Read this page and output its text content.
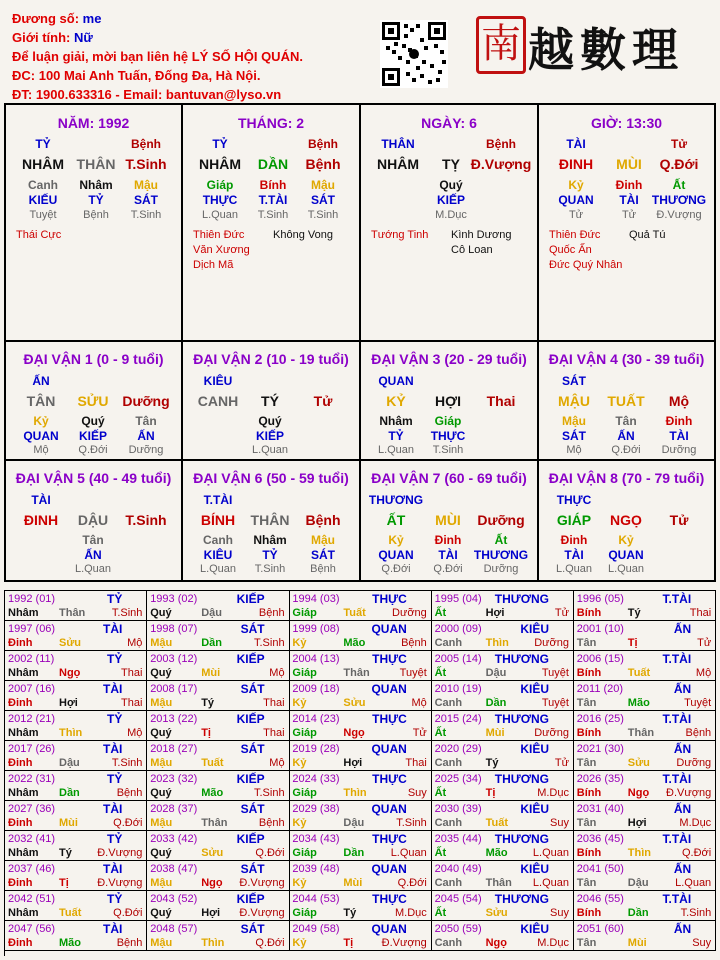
Đương số: me
Giới tính: Nữ
Để luận giải, mời bạn liên hệ LÝ SỐ HỘI QUÁN.
ĐC: 100 Mai Anh Tuấn, Đống Đa, Hà Nội.
ĐT: 1900.633316 - Email: bantuvan@lyso.vn
南 越數理
NĂM: 1992
TỶ	Bệnh
NHÂM THÂN T.Sinh
Canh	Nhâm	Mậu
KIẾU	TỶ	SÁT
Tuyệt	Bệnh	T.Sinh
Thái Cực
THÁNG: 2
TỶ	Bệnh
NHÂM	DẦN	Bệnh
Giáp	Bính	Mậu
THỰC	T.TÀI	SÁT
L.Quan	T.Sinh	T.Sinh
Thiên Đức	Không Vong
Văn Xương
Dịch Mã
NGÀY: 6
THÂN	Bệnh
NHÂM	TỴ Đ.Vượng
Quý
KIẾP
M.Dục
Tướng Tinh Kình Dương
Cô Loan
GIỜ: 13:30
TÀI	Tử
ĐINH	MÙI	Q.Đới
Kỷ	Đinh	Ất
QUAN	TÀI	THƯƠNG
Tử	Tử	Đ.Vượng
Thiên Đức	Quả Tú
Quốc Ấn
Đức Quý Nhân
ĐẠI VẬN 1 (0 - 9 tuổi)
ẤN
TÂN	SỬU Dưỡng
Kỷ	Quý	Tân
QUAN	KIẾP	ẤN
Mộ	Q.Đới	Dưỡng
ĐẠI VẬN 2 (10 - 19 tuổi)
KIÊU
CANH	TÝ	Tử
Quý
KIẾP
L.Quan
ĐẠI VẬN 3 (20 - 29 tuổi)
QUAN
KỶ	HỢI	Thai
Nhâm	Giáp
TỶ	THỰC
L.Quan	T.Sinh
ĐẠI VẬN 4 (30 - 39 tuổi)
SÁT
MẬU	TUẤT	Mộ
Mậu	Tân	Đinh
SÁT	ẤN	TÀI
Mộ	Q.Đới	Dưỡng
ĐẠI VẬN 5 (40 - 49 tuổi)
TÀI
ĐINH	DẬU	T.Sinh
Tân
ẤN
L.Quan
ĐẠI VẬN 6 (50 - 59 tuổi)
T.TÀI
BÍNH	THÂN	Bệnh
Canh	Nhâm	Mậu
KIÊU	TỶ	SÁT
L.Quan	T.Sinh	Bệnh
ĐẠI VẬN 7 (60 - 69 tuổi)
THƯƠNG
ẤT	MÙI	Dưỡng
Kỷ	Đinh	Ất
QUAN	TÀI	THƯƠNG
Q.Đới	Q.Đới	Dưỡng
ĐẠI VẬN 8 (70 - 79 tuổi)
THỰC
GIÁP	NGỌ	Tử
Đinh	Kỷ
TÀI	QUAN
L.Quan	L.Quan
1992 (01)	TỶ
Nhâm Thân T.Sinh
1993 (02)	KIẾP
Quý	Dậu	Bệnh
1994 (03)	THỰC
Giáp Tuất Dưỡng
1995 (04) THƯƠNG
Ất	Hợi	Tử
1996 (05)	T.TÀI
Bính Tý	Thai
1997 (06)	TÀI
Đinh Sửu	Mộ
1998 (07)	SÁT
Mậu	Dần	T.Sinh
1999 (08)	QUAN
Kỷ	Mão	Bệnh
2000 (09)	KIÊU
Canh Thìn Dưỡng
2001 (10)	ẤN
Tân	Tị	Tử
2002 (11)	TỶ
Nhâm Ngọ	Thai
2003 (12)	KIẾP
Quý	Mùi	Mộ
2004 (13)	THỰC
Giáp Thân	Tuyệt
2005 (14) THƯƠNG
Ất	Dậu	Tuyệt
2006 (15)	T.TÀI
Bính Tuất	Mộ
2007 (16)	TÀI
Đinh Hợi	Thai
2008 (17)	SÁT
Mậu	Tý	Thai
2009 (18)	QUAN
Kỷ	Sửu	Mộ
2010 (19)	KIÊU
Canh Dần	Tuyệt
2011 (20)	ẤN
Tân	Mão	Tuyệt
2012 (21)	TỶ
Nhâm Thìn	Mộ
2013 (22)	KIẾP
Quý	Tị	Thai
2014 (23)	THỰC
Giáp Ngọ	Tử
2015 (24) THƯƠNG
Ất	Mùi	Dưỡng
2016 (25)	T.TÀI
Bính Thân	Bệnh
2017 (26)	TÀI
Đinh Dậu	T.Sinh
2018 (27)	SÁT
Mậu	Tuất	Mộ
2019 (28)	QUAN
Kỷ	Hợi	Thai
2020 (29)	KIÊU
Canh Tý	Tử
2021 (30)	ẤN
Tân	Sửu Dưỡng
2022 (31)	TỶ
Nhâm Dần	Bệnh
2023 (32)	KIẾP
Quý	Mão	T.Sinh
2024 (33)	THỰC
Giáp Thìn	Suy
2025 (34) THƯƠNG
Ất	Tị	M.Dục
2026 (35)	T.TÀI
Bính Ngọ Đ.Vượng
2027 (36)	TÀI
Đinh Mùi	Q.Đới
2028 (37)	SÁT
Mậu	Thân	Bệnh
2029 (38)	QUAN
Kỷ	Dậu	T.Sinh
2030 (39)	KIÊU
Canh Tuất	Suy
2031 (40)	ẤN
Tân	Hợi	M.Dục
2032 (41)	TỶ
Nhâm Tý Đ.Vượng
2033 (42)	KIẾP
Quý	Sửu	Q.Đới
2034 (43)	THỰC
Giáp Dần L.Quan
2035 (44) THƯƠNG
Ất	Mão L.Quan
2036 (45)	T.TÀI
Bính Thìn	Q.Đới
2037 (46)	TÀI
Đinh Tị	Đ.Vượng
2038 (47)	SÁT
Mậu	Ngọ Đ.Vượng
2039 (48)	QUAN
Kỷ	Mùi	Q.Đới
2040 (49)	KIÊU
Canh Thân L.Quan
2041 (50)	ẤN
Tân	Dậu L.Quan
2042 (51)	TỶ
Nhâm Tuất	Q.Đới
2043 (52)	KIẾP
Quý	Hợi Đ.Vượng
2044 (53)	THỰC
Giáp Tý	M.Dục
2045 (54) THƯƠNG
Ất	Sửu	Suy
2046 (55)	T.TÀI
Bính Dần	T.Sinh
2047 (56)	TÀI
Đinh Mão	Bệnh
2048 (57)	SÁT
Mậu	Thìn	Q.Đới
2049 (58)	QUAN
Kỷ	Tị	Đ.Vượng
2050 (59)	KIÊU
Canh Ngọ	M.Dục
2051 (60)	ẤN
Tân	Mùi	Suy
